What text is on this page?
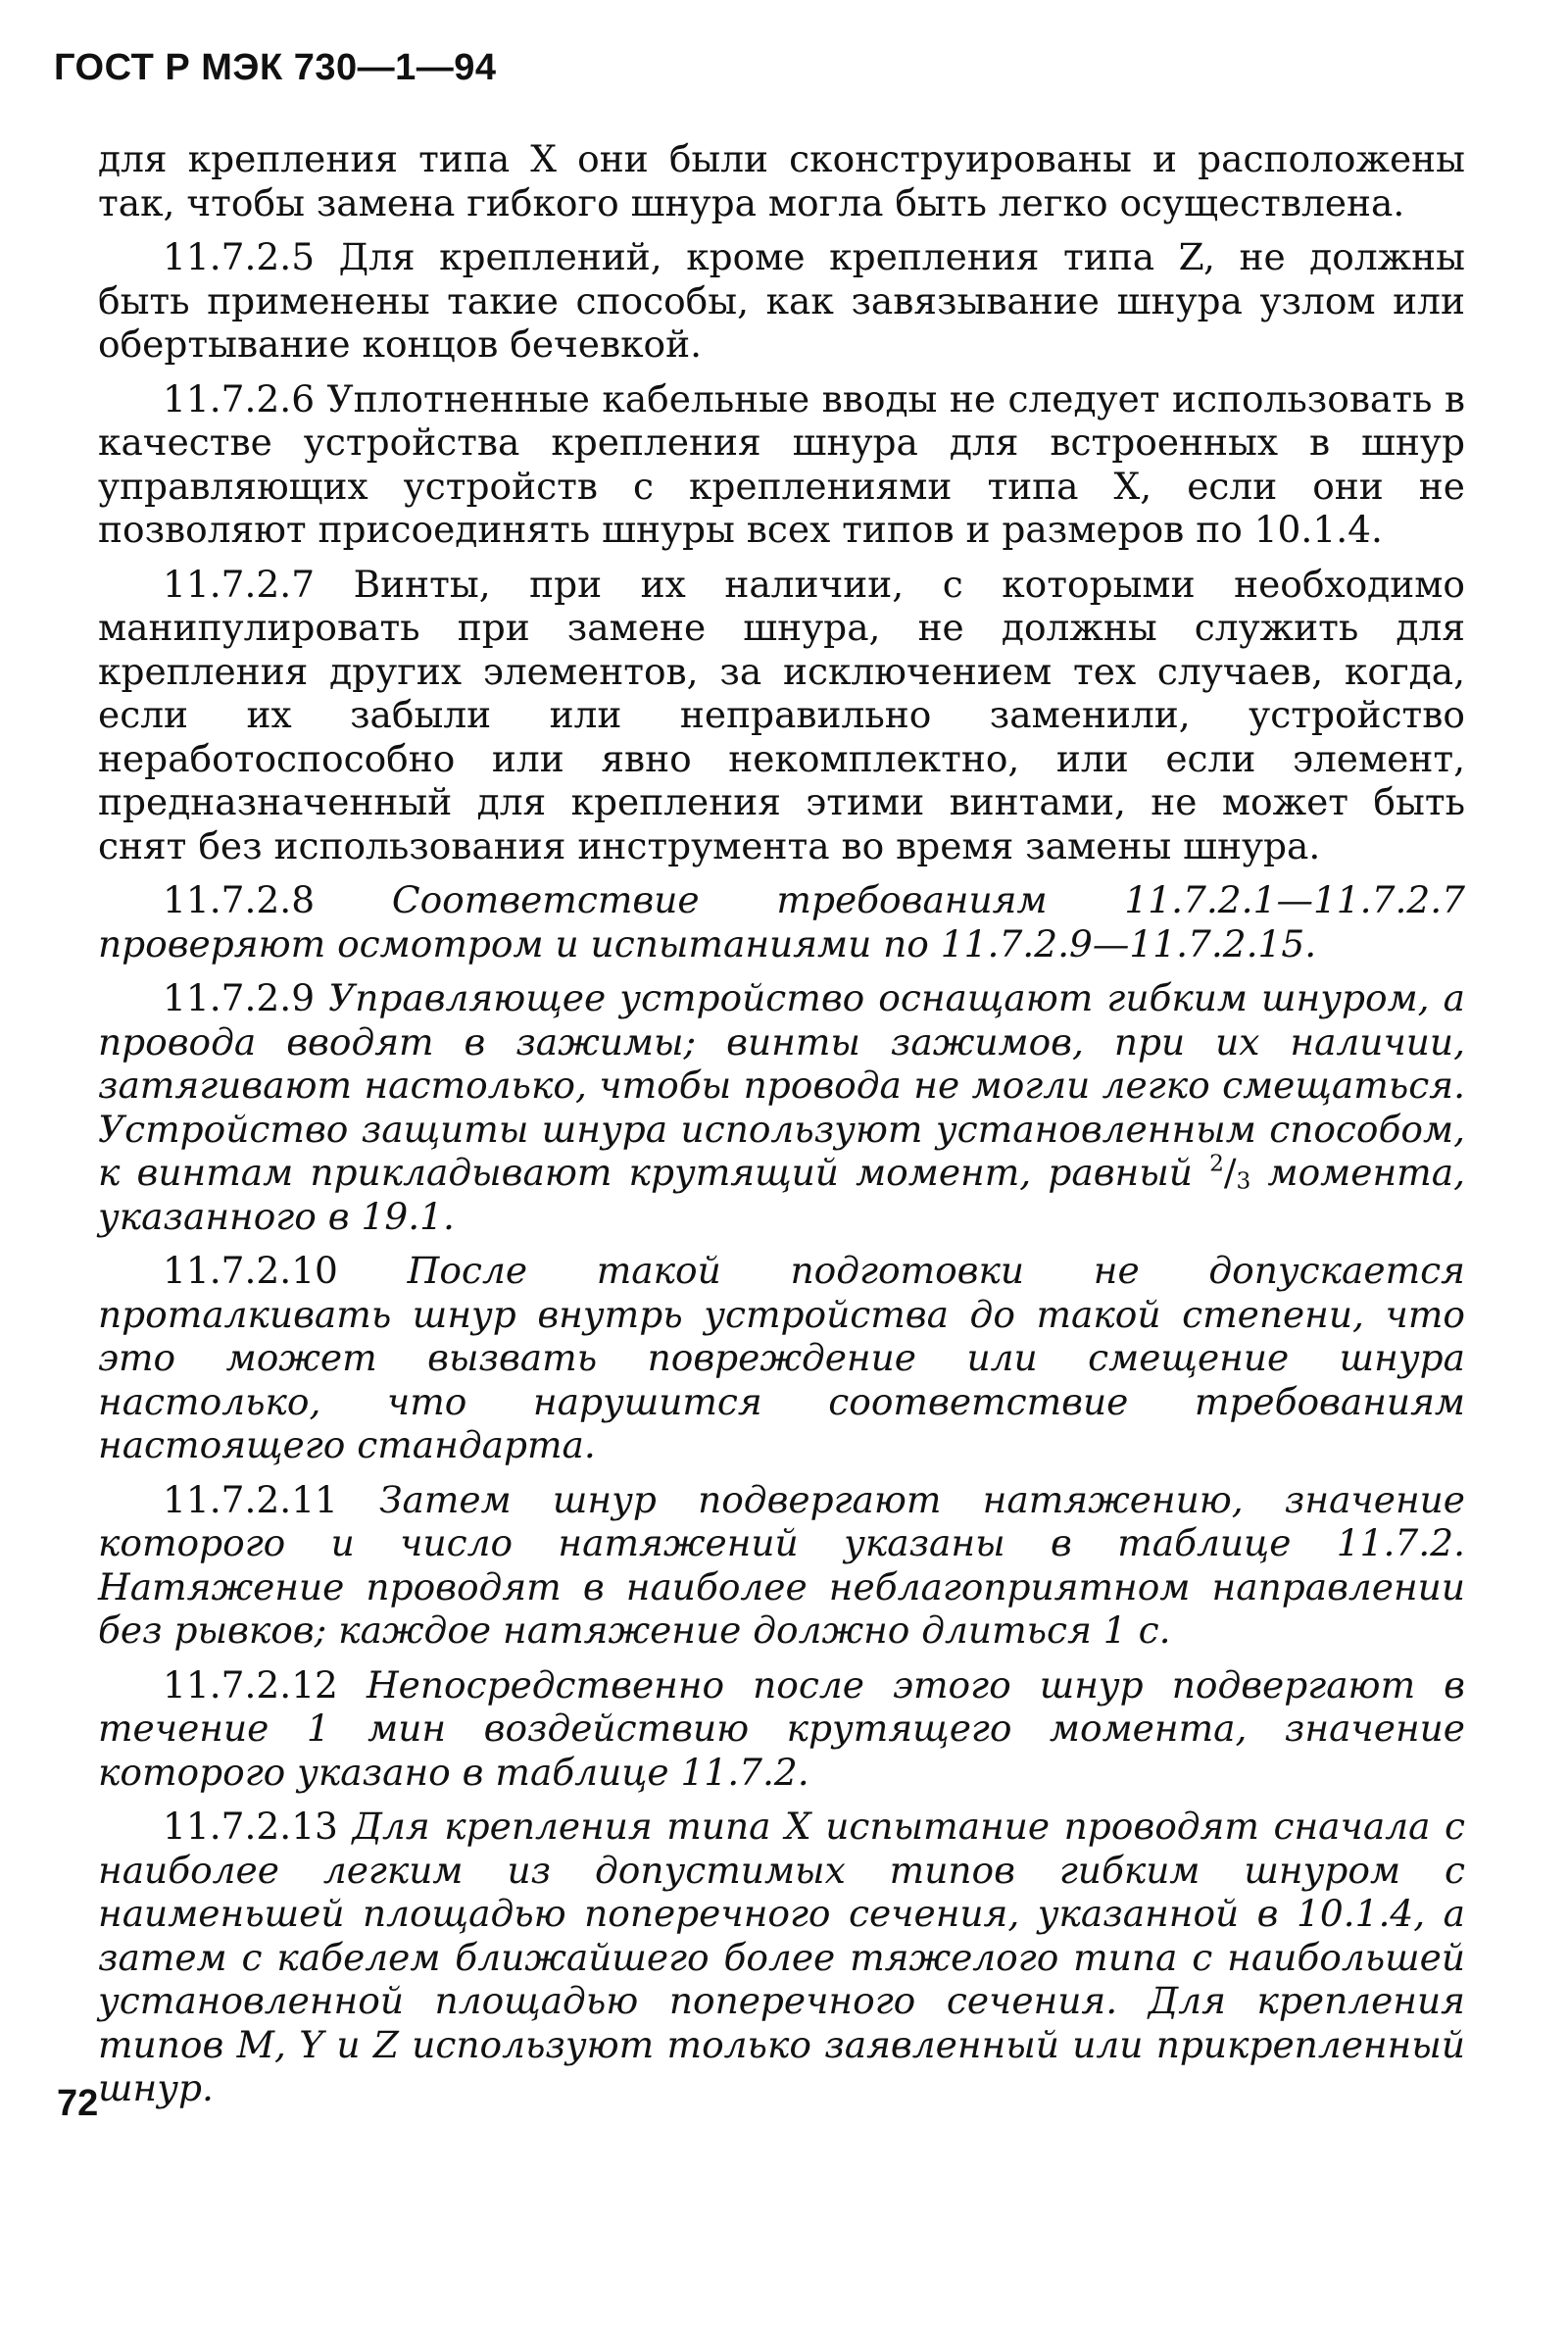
ГОСТ Р МЭК 730—1—94

для крепления типа X они были сконструированы и расположены так, чтобы замена гибкого шнура могла быть легко осуществлена.

11.7.2.5 Для креплений, кроме крепления типа Z, не должны быть применены такие способы, как завязывание шнура узлом или обертывание концов бечевкой.

11.7.2.6 Уплотненные кабельные вводы не следует использовать в качестве устройства крепления шнура для встроенных в шнур управляющих устройств с креплениями типа X, если они не позволяют присоединять шнуры всех типов и размеров по 10.1.4.

11.7.2.7 Винты, при их наличии, с которыми необходимо манипулировать при замене шнура, не должны служить для крепления других элементов, за исключением тех случаев, когда, если их забыли или неправильно заменили, устройство неработоспособно или явно некомплектно, или если элемент, предназначенный для крепления этими винтами, не может быть снят без использования инструмента во время замены шнура.

11.7.2.8 Соответствие требованиям 11.7.2.1—11.7.2.7 проверяют осмотром и испытаниями по 11.7.2.9—11.7.2.15.

11.7.2.9 Управляющее устройство оснащают гибким шнуром, а провода вводят в зажимы; винты зажимов, при их наличии, затягивают настолько, чтобы провода не могли легко смещаться. Устройство защиты шнура используют установленным способом, к винтам прикладывают крутящий момент, равный $^2/_3$ момента, указанного в 19.1.

11.7.2.10 После такой подготовки не допускается проталкивать шнур внутрь устройства до такой степени, что это может вызвать повреждение или смещение шнура настолько, что нарушится соответствие требованиям настоящего стандарта.

11.7.2.11 Затем шнур подвергают натяжению, значение которого и число натяжений указаны в таблице 11.7.2. Натяжение проводят в наиболее неблагоприятном направлении без рывков; каждое натяжение должно длиться 1 с.

11.7.2.12 Непосредственно после этого шнур подвергают в течение 1 мин воздействию крутящего момента, значение которого указано в таблице 11.7.2.

11.7.2.13 Для крепления типа X испытание проводят сначала с наиболее легким из допустимых типов гибким шнуром с наименьшей площадью поперечного сечения, указанной в 10.1.4, а затем с кабелем ближайшего более тяжелого типа с наибольшей установленной площадью поперечного сечения. Для крепления типов M, Y и Z используют только заявленный или прикрепленный шнур.

72
